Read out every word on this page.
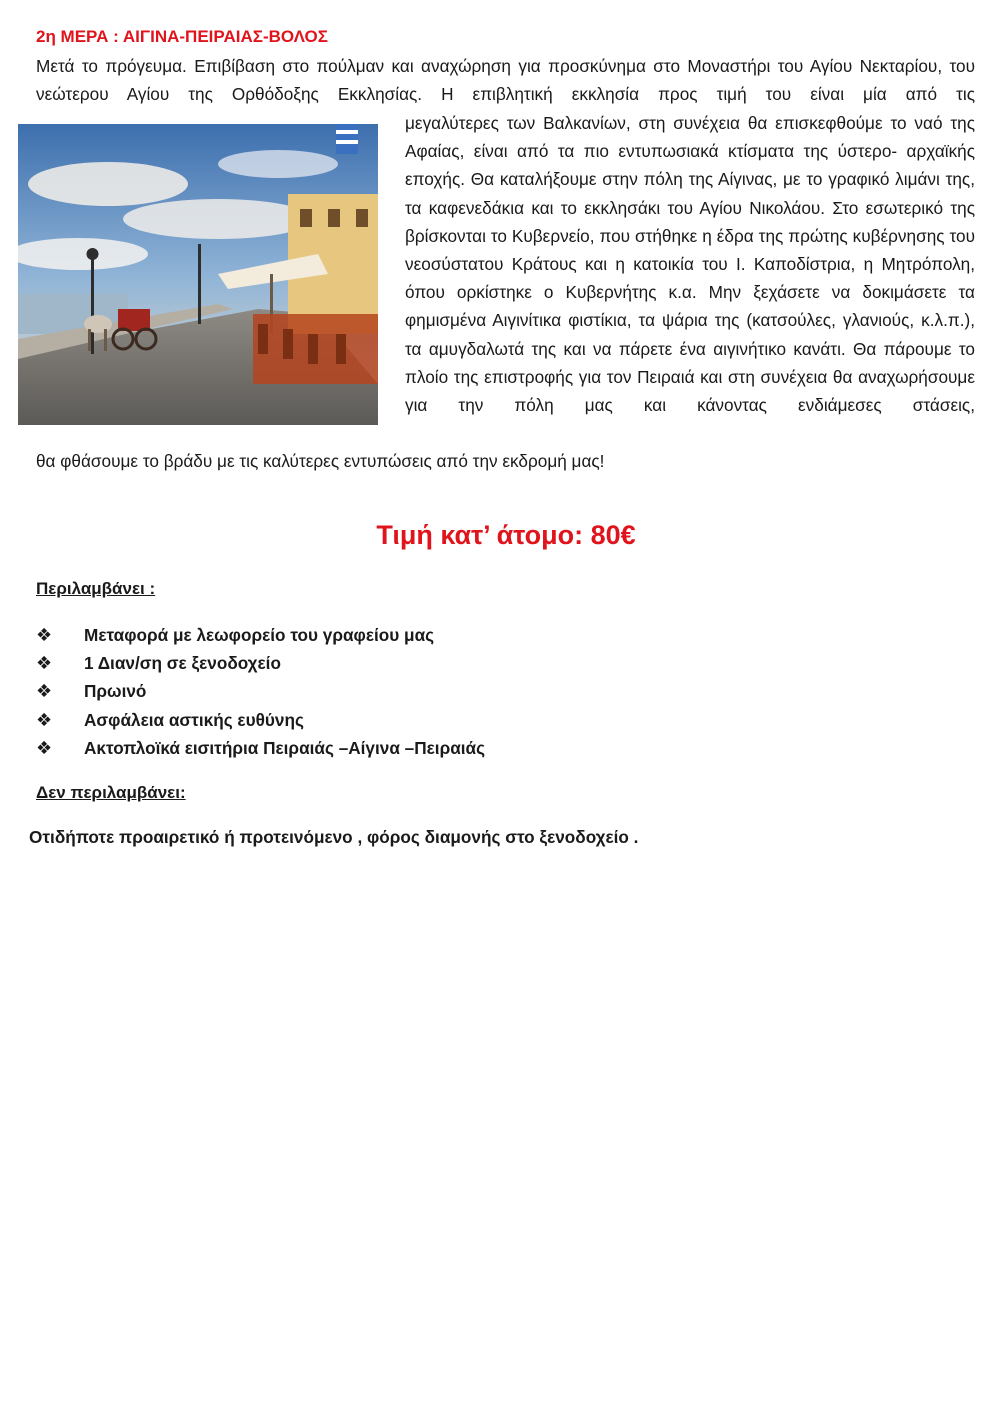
2η ΜΕΡΑ : ΑΙΓΙΝΑ-ΠΕΙΡΑΙΑΣ-ΒΟΛΟΣ

Μετά το πρόγευμα. Επιβίβαση στο πούλμαν και αναχώρηση για προσκύνημα στο Μοναστήρι του Αγίου Νεκταρίου, του νεώτερου Αγίου της Ορθόδοξης Εκκλησίας. Η επιβλητική εκκλησία προς τιμή του είναι μία από τις

μεγαλύτερες των Βαλκανίων, στη συνέχεια θα επισκεφθούμε το ναό της Αφαίας, είναι από τα πιο εντυπωσιακά κτίσματα της ύστερο- αρχαϊκής εποχής. Θα καταλήξουμε στην πόλη της Αίγινας, με το γραφικό λιμάνι της, τα καφενεδάκια και το εκκλησάκι του Αγίου Νικολάου. Στο εσωτερικό της βρίσκονται το Κυβερνείο, που στήθηκε η έδρα της πρώτης κυβέρνησης του νεοσύστατου Κράτους και η κατοικία του Ι. Καποδίστρια, η Μητρόπολη, όπου ορκίστηκε ο Κυβερνήτης κ.α. Μην ξεχάσετε να δοκιμάσετε τα φημισμένα Αιγινίτικα φιστίκια, τα ψάρια της (κατσούλες, γλανιούς, κ.λ.π.), τα αμυγδαλωτά της και να πάρετε ένα αιγινήτικο κανάτι. Θα πάρουμε το πλοίο της επιστροφής για τον Πειραιά και στη συνέχεια θα αναχωρήσουμε για την πόλη μας και κάνοντας ενδιάμεσες στάσεις,

θα φθάσουμε το βράδυ με τις καλύτερες εντυπώσεις από την εκδρομή μας!

Τιμή κατ’ άτομο: 80€
Περιλαμβάνει :
❖	Μεταφορά με λεωφορείο του γραφείου μας
❖	1 Διαν/ση σε ξενοδοχείο
❖	Πρωινό
❖	Ασφάλεια αστικής ευθύνης
❖	Ακτοπλοϊκά εισιτήρια Πειραιάς –Αίγινα –Πειραιάς
Δεν περιλαμβάνει:

Οτιδήποτε προαιρετικό ή προτεινόμενο , φόρος διαμονής στο ξενοδοχείο .
